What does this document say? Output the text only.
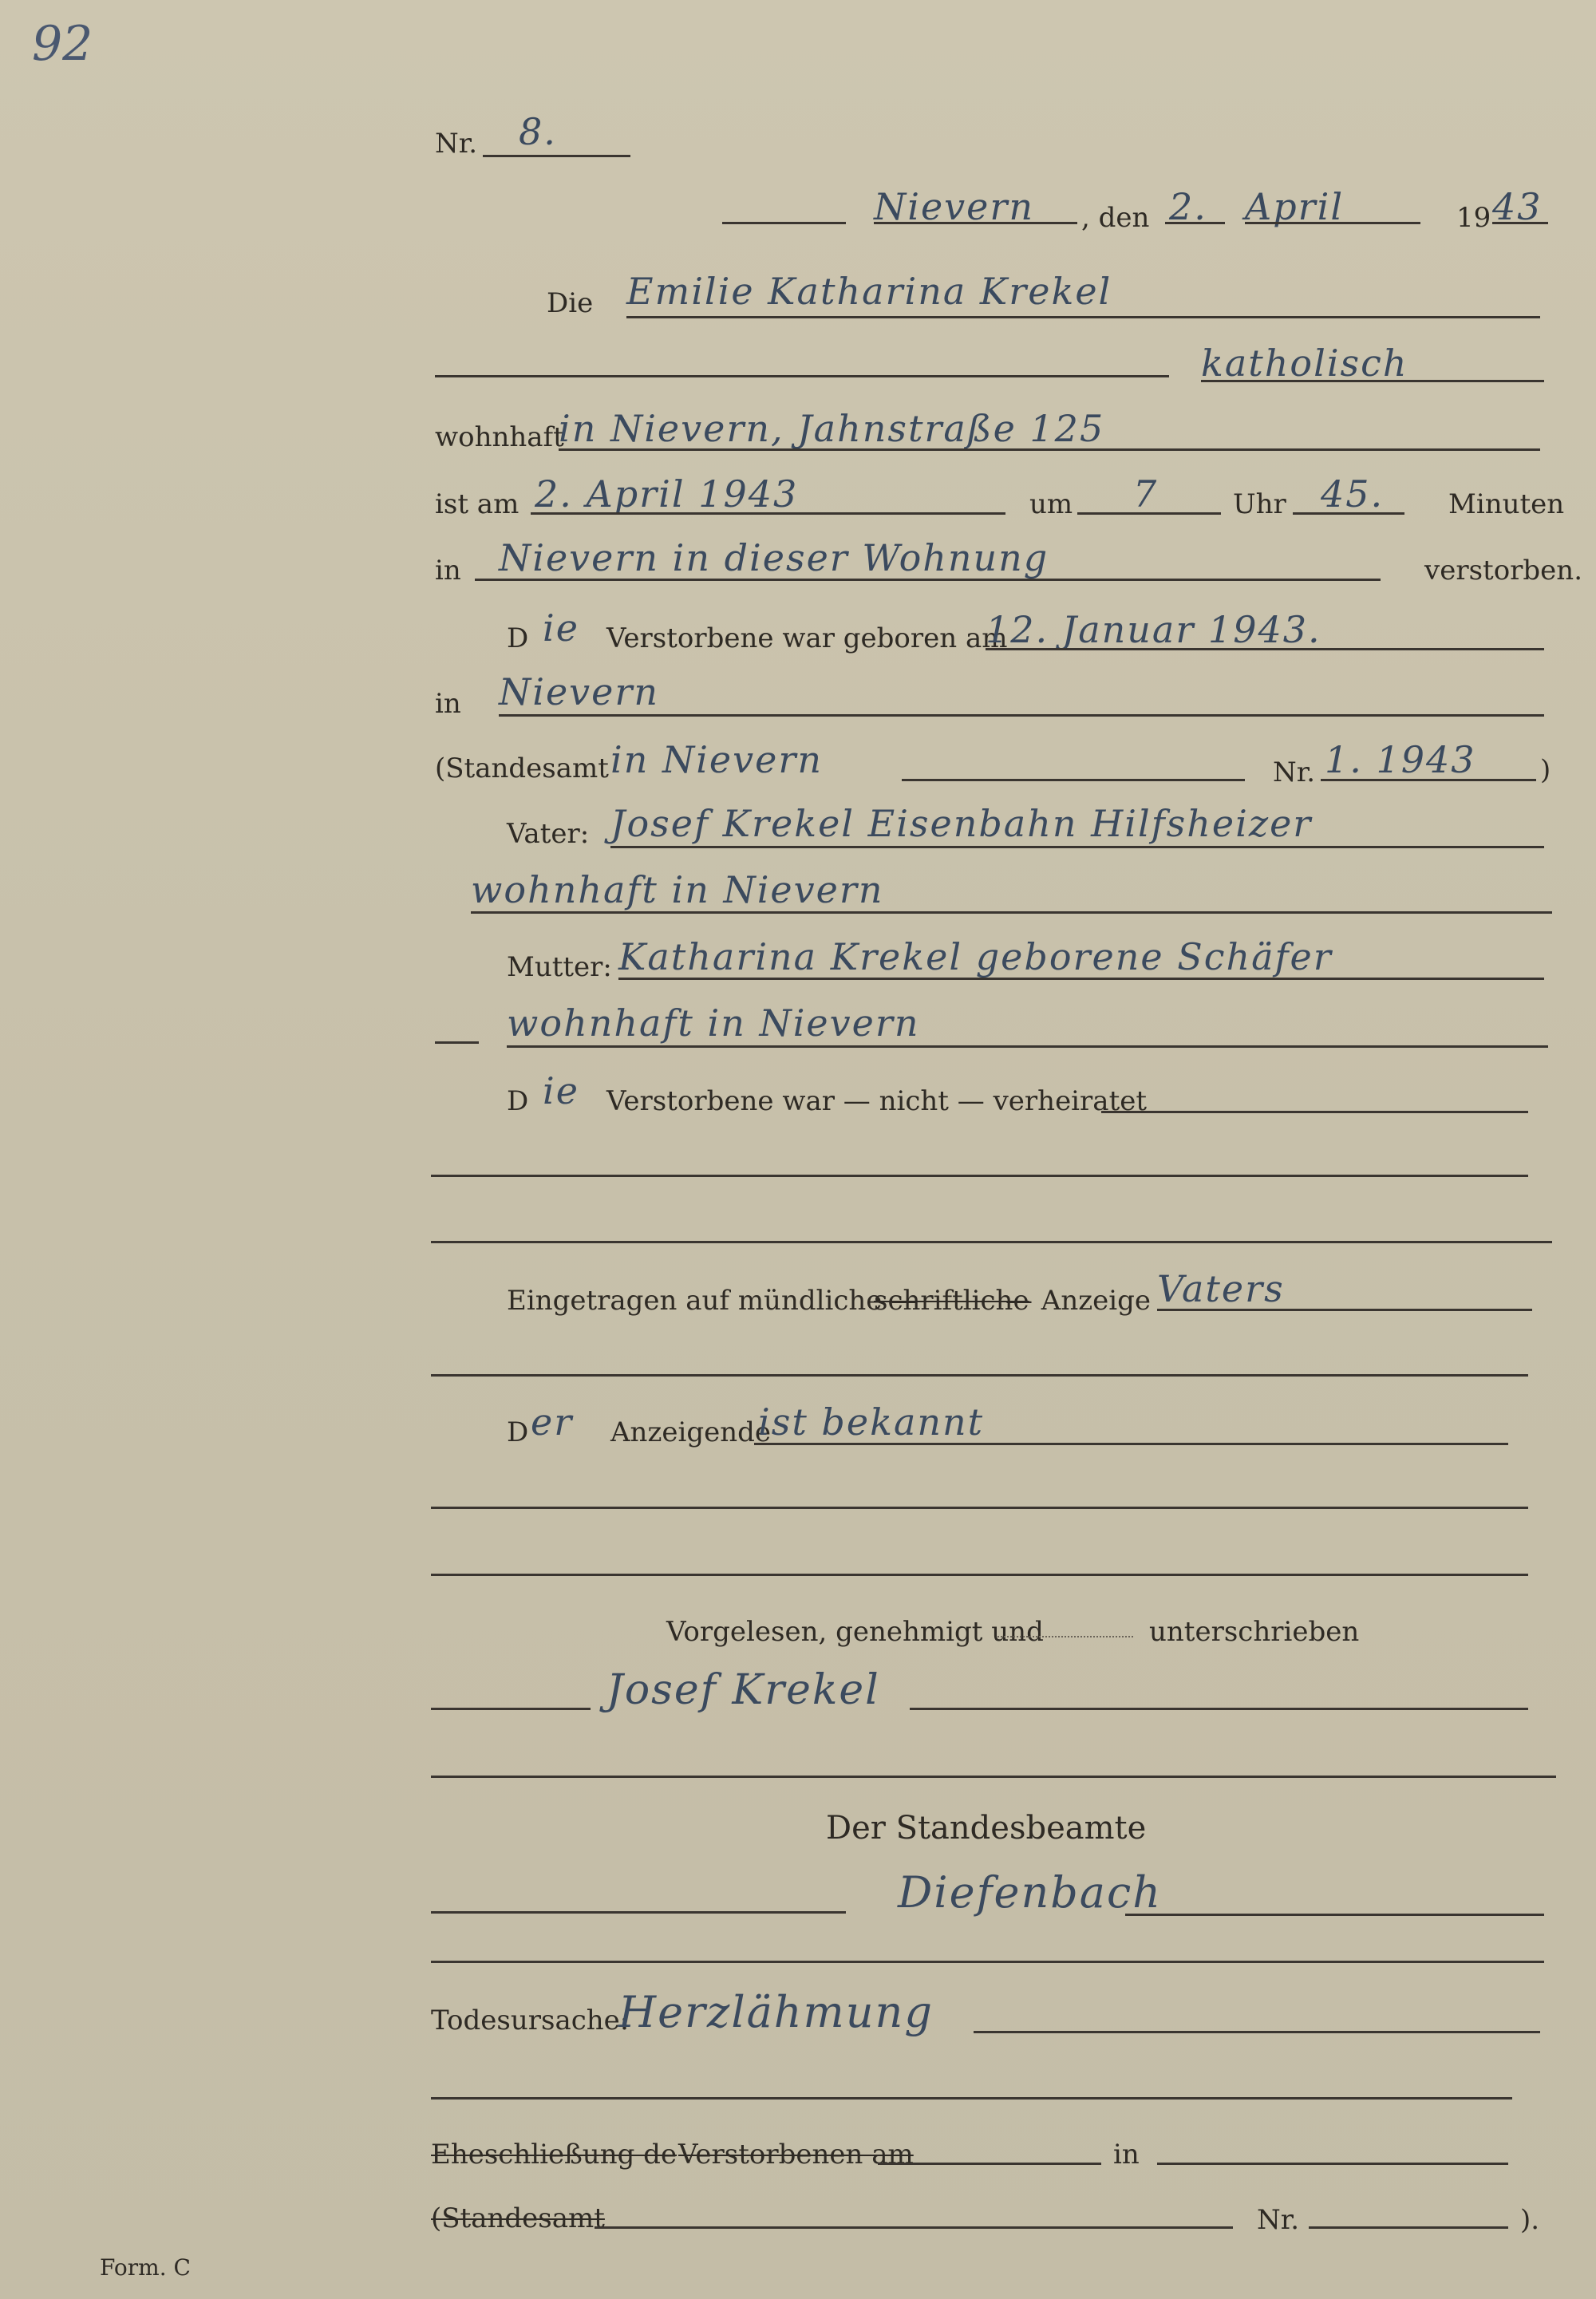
92
Nr. 8.
Nievern , den 2. April	19 43
Die Emilie Katharina Krekel
katholisch
wohnhaft
in Nievern, Jahnstraße 125
ist am 2. April 1943	um 7	Uhr 45. Minuten
in Nievern in dieser Wohnung	verstorben.
D ie Verstorbene war geboren am
12. Januar 1943.
in Nievern
(Standesamt in Nievern	Nr. 1. 1943 )
Vater: Josef Krekel Eisenbahn Hilfsheizer
wohnhaft in Nievern
Mutter: Katharina Krekel geborene Schäfer
wohnhaft in Nievern
D ie Verstorbene war — nicht — verheiratet
Eingetragen auf mündliche —
schriftliche
— Anzeige Vaters
D er Anzeigende
ist bekannt
Vorgelesen, genehmigt und	unterschrieben
Josef Krekel
Der Standesbeamte
Diefenbach
Todesursache:
Herzlähmung
Eheschließung de Verstorbenen am	in
(Standesamt	Nr.	).
Form. C
